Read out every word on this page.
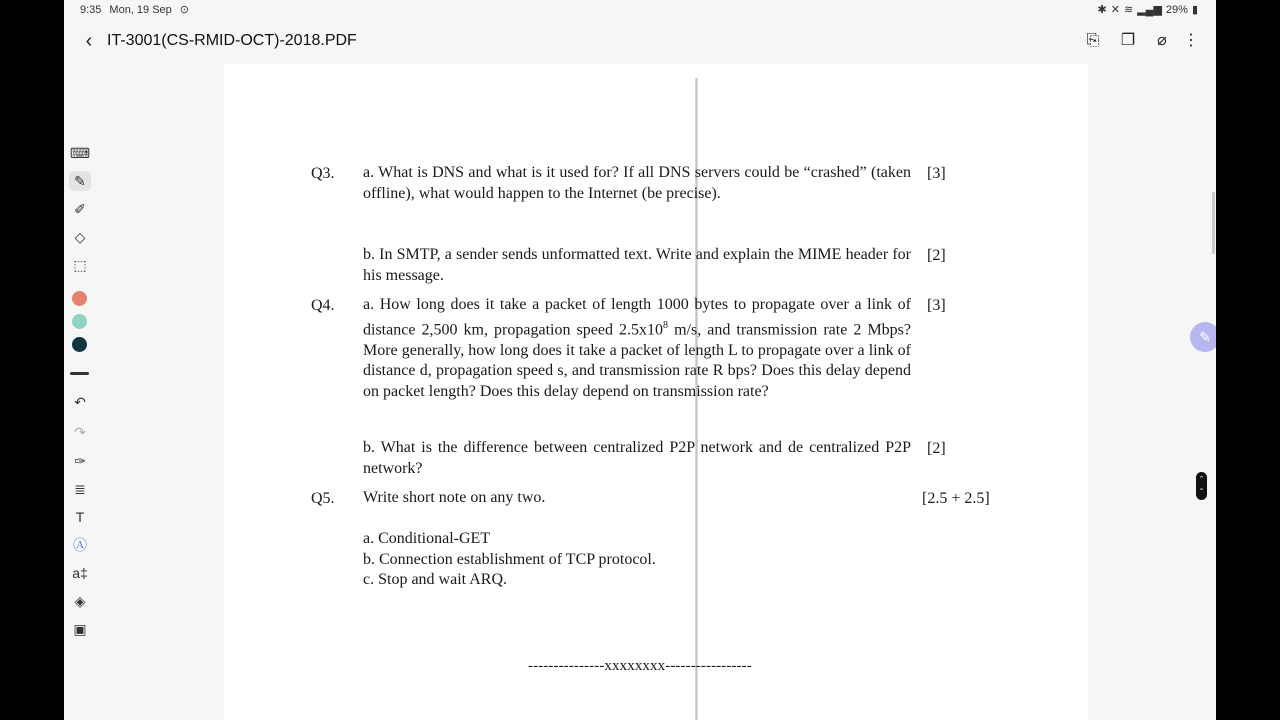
9:35 Mon, 19 Sep ⊙	✱ ✕ ≋ ▂▄▆ 29% ▮
‹ IT-3001(CS-RMID-OCT)-2018.PDF	⎘ ❐	⌀	⋮
⌨
✎
✐
◇
⬚
↶
↷
✑
≣
T
Ⓐ
a‡
◈
▣
Q3. a. What is DNS and what is it used for? If all DNS servers could be “crashed” (taken offline), what would happen to the Internet (be precise).
[3]
b. In SMTP, a sender sends unformatted text. Write and explain the MIME header for his message.
[2]
Q4. a. How long does it take a packet of length 1000 bytes to propagate over a link of distance 2,500 km, propagation speed $2.5x10^8$ m/s, and transmission rate 2 Mbps? More generally, how long does it take a packet of length L to propagate over a link of distance d, propagation speed s, and transmission rate R bps? Does this delay depend on packet length? Does this delay depend on transmission rate?
[3]
b. What is the difference between centralized P2P network and de centralized P2P network?
[2]
Q5. Write short note on any two.	[2.5 + 2.5]
a. Conditional-GET
b. Connection establishment of TCP protocol.
c. Stop and wait ARQ.
---------------xxxxxxxx-----------------
✎
⌃
⌄
